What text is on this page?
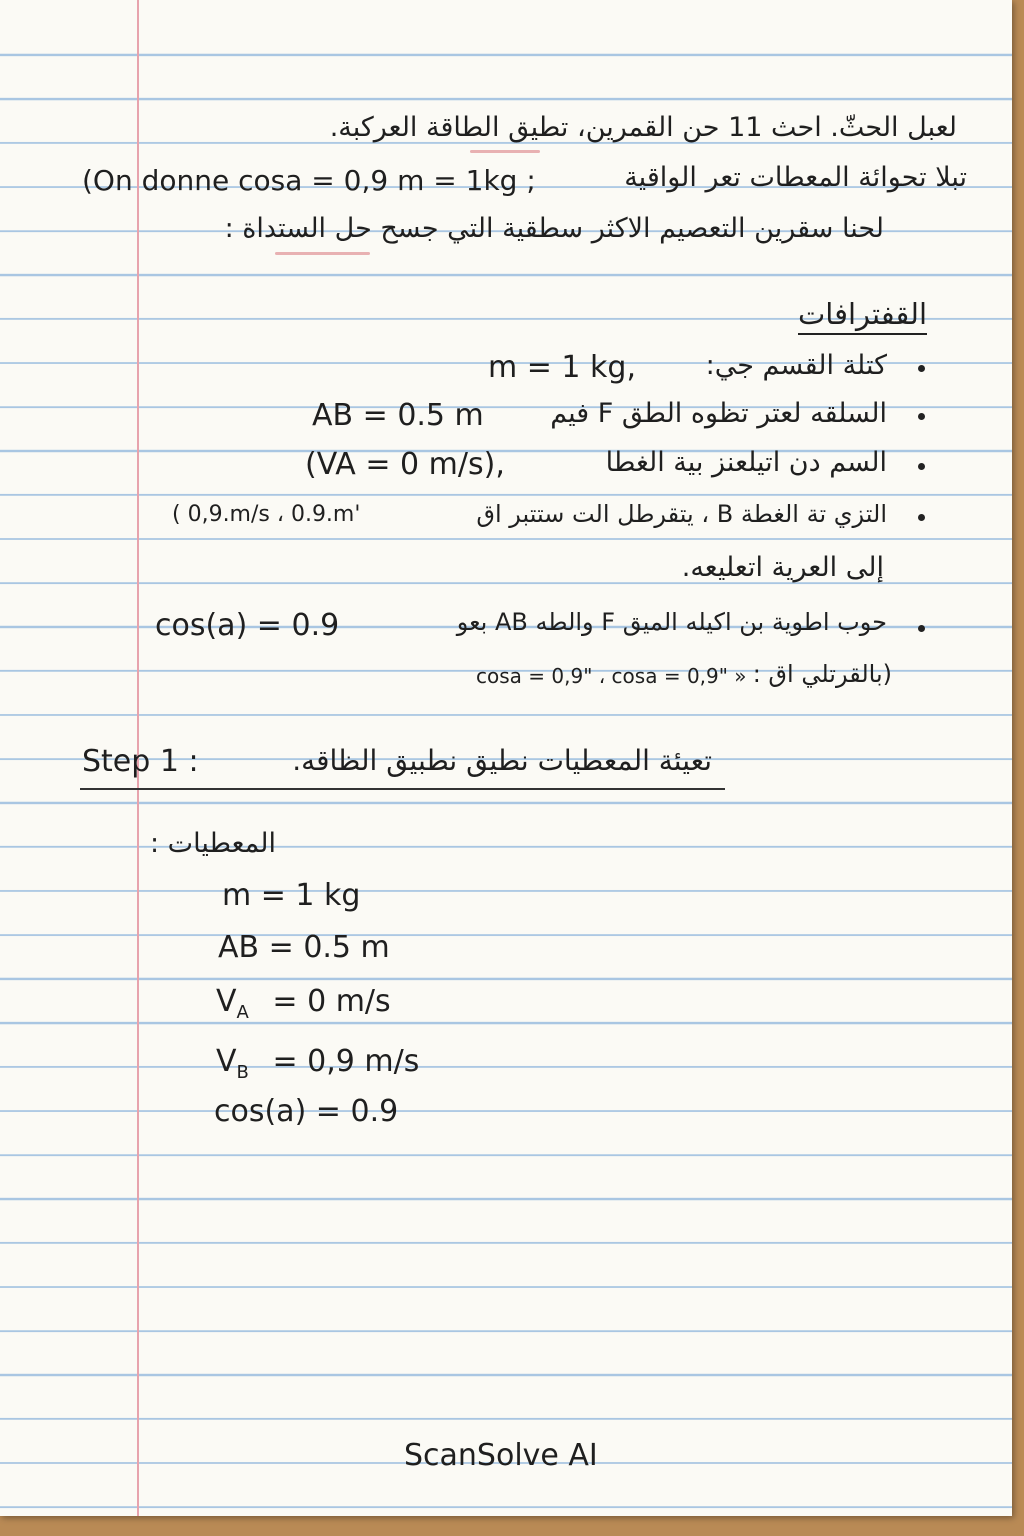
لعبل الحثّ. احث 11 حن القمرين، تطيق الطاقة العركبة.
تبلا تحوائة المعطات تعر الواقية
(On donne cosa = 0,9 m = 1kg ;
لحنا سقرين التعصيم الاكثر سطقية التي جسح حل الستداة :
القفترافات
كتلة القسم جي:
m = 1 kg,
السلقه لعتر تظوه الطق F فيم
AB = 0.5 m
السم دن اتيلعنز بية الغطا
(VA = 0 m/s),
التزي تة الغطة B ، يتقرطل الت ستتبر اق
( 0,9.m/s ، 0.9.m'
إلى العرية اتعليعه.
حوب اطوية بن اكيله الميق F والطه AB بعو
cos(a) = 0.9
(بالقرتلي اق :
cosa = 0,9" ، cosa = 0,9" »
Step 1 :	تعيئة المعطيات نطيق نطبيق الظاقه.
المعطيات :
m = 1 kg
AB = 0.5 m
$V_A = 0$ m/s
$V_B = 0,9$ m/s
cos(a) = 0.9
ScanSolve AI
